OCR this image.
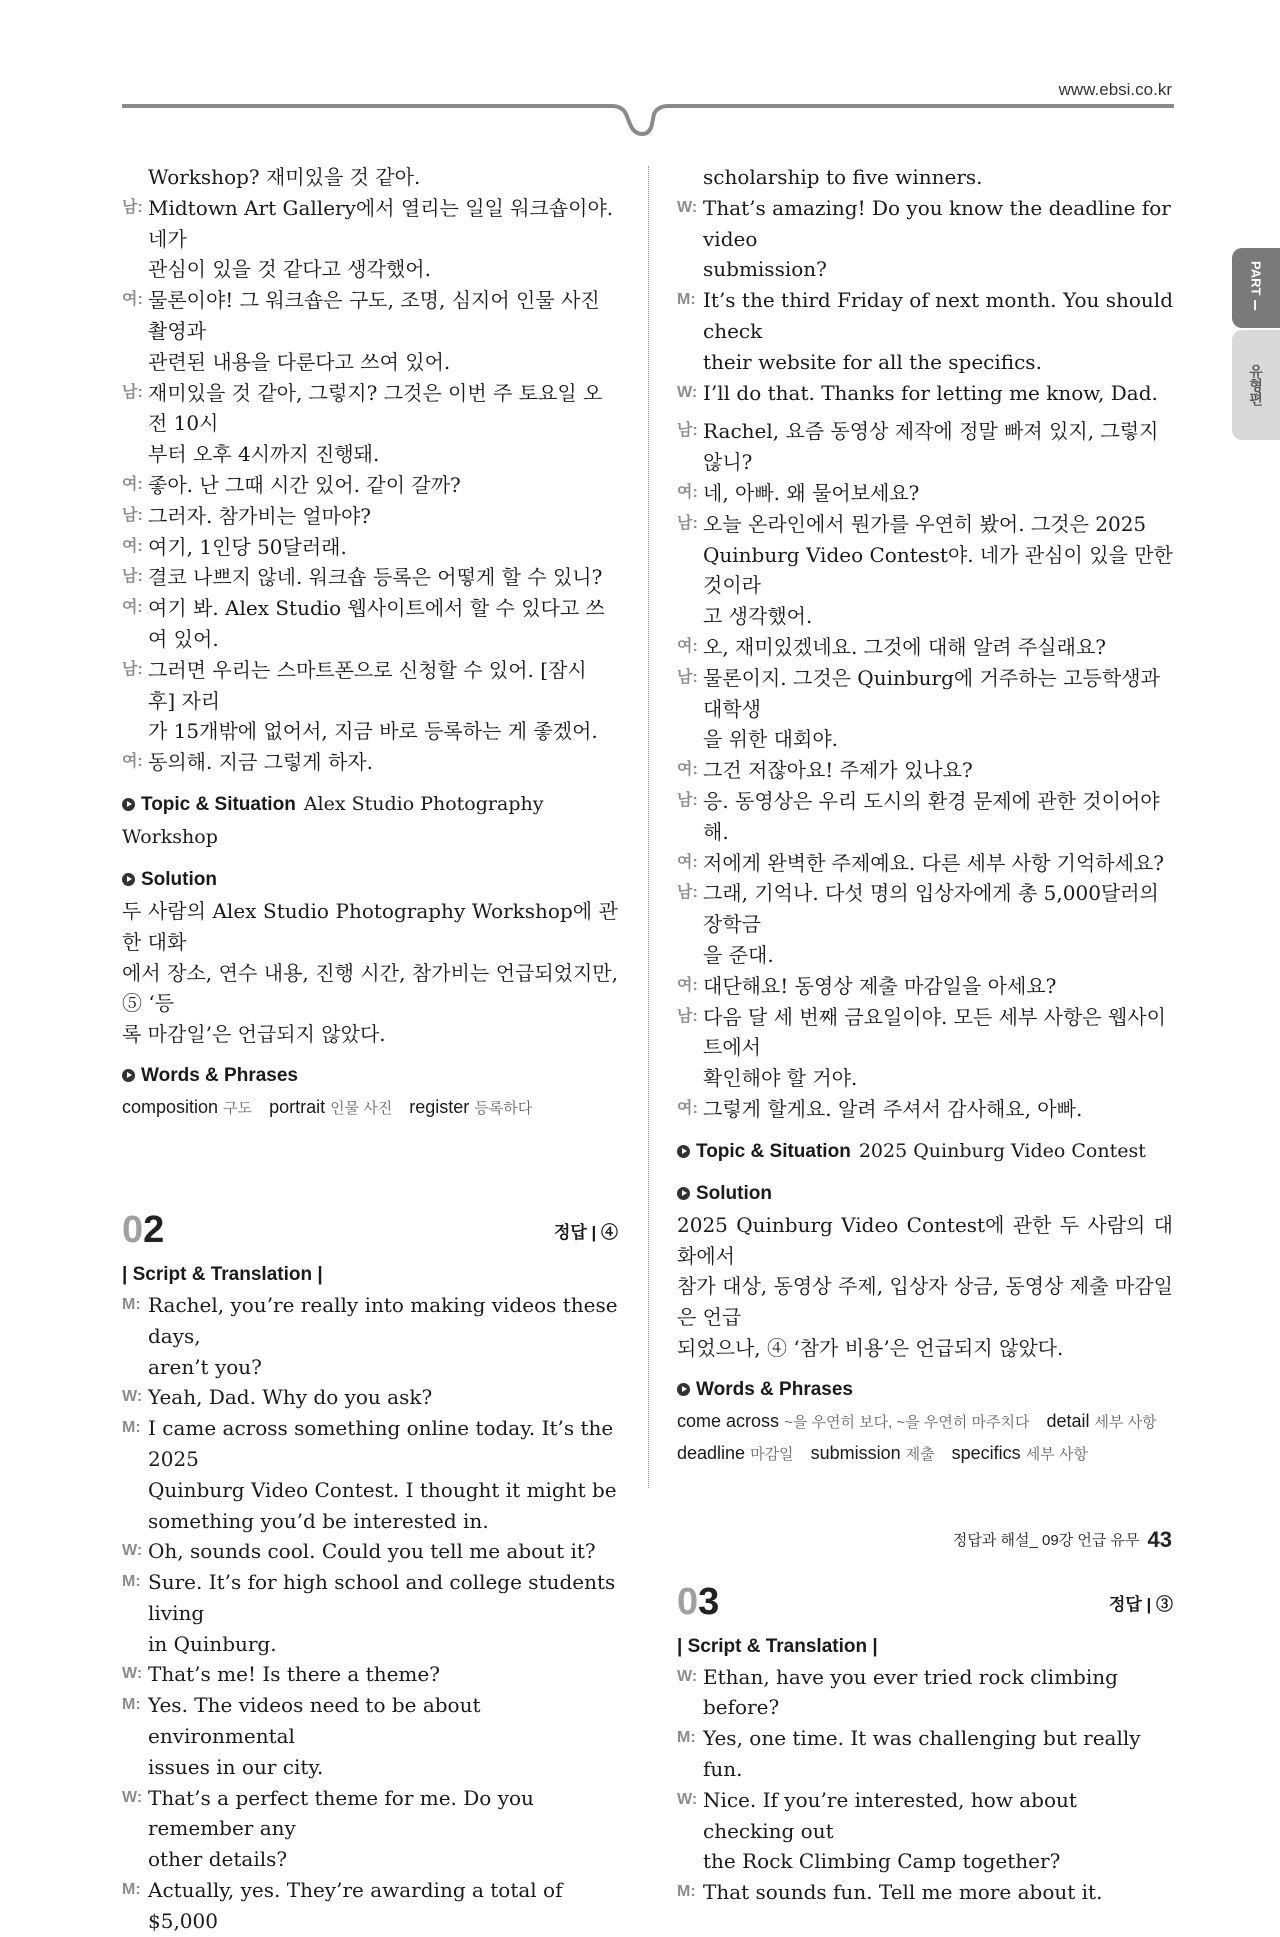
www.ebsi.co.kr
PART Ⅰ
유형편
Workshop? 재미있을 것 같아.
남: Midtown Art Gallery에서 열리는 일일 워크숍이야. 네가
관심이 있을 것 같다고 생각했어.
여: 물론이야! 그 워크숍은 구도, 조명, 심지어 인물 사진 촬영과
관련된 내용을 다룬다고 쓰여 있어.
남: 재미있을 것 같아, 그렇지? 그것은 이번 주 토요일 오전 10시
부터 오후 4시까지 진행돼.
여: 좋아. 난 그때 시간 있어. 같이 갈까?
남: 그러자. 참가비는 얼마야?
여: 여기, 1인당 50달러래.
남: 결코 나쁘지 않네. 워크숍 등록은 어떻게 할 수 있니?
여: 여기 봐. Alex Studio 웹사이트에서 할 수 있다고 쓰여 있어.
남: 그러면 우리는 스마트폰으로 신청할 수 있어. [잠시 후] 자리
가 15개밖에 없어서, 지금 바로 등록하는 게 좋겠어.
여: 동의해. 지금 그렇게 하자.
Topic & Situation Alex Studio Photography Workshop
Solution
두 사람의 Alex Studio Photography Workshop에 관한 대화
에서 장소, 연수 내용, 진행 시간, 참가비는 언급되었지만, ⑤ ‘등
록 마감일’은 언급되지 않았다.
Words & Phrases
composition 구도 portrait 인물 사진 register 등록하다
02	정답 | ④
| Script & Translation |
M: Rachel, you’re really into making videos these days,
aren’t you?
W: Yeah, Dad. Why do you ask?
M: I came across something online today. It’s the 2025
Quinburg Video Contest. I thought it might be
something you’d be interested in.
W: Oh, sounds cool. Could you tell me about it?
M: Sure. It’s for high school and college students living
in Quinburg.
W: That’s me! Is there a theme?
M: Yes. The videos need to be about environmental
issues in our city.
W: That’s a perfect theme for me. Do you remember any
other details?
M: Actually, yes. They’re awarding a total of $5,000
scholarship to five winners.
W: That’s amazing! Do you know the deadline for video
submission?
M: It’s the third Friday of next month. You should check
their website for all the specifics.
W: I’ll do that. Thanks for letting me know, Dad.
남: Rachel, 요즘 동영상 제작에 정말 빠져 있지, 그렇지 않니?
여: 네, 아빠. 왜 물어보세요?
남: 오늘 온라인에서 뭔가를 우연히 봤어. 그것은 2025
Quinburg Video Contest야. 네가 관심이 있을 만한 것이라
고 생각했어.
여: 오, 재미있겠네요. 그것에 대해 알려 주실래요?
남: 물론이지. 그것은 Quinburg에 거주하는 고등학생과 대학생
을 위한 대회야.
여: 그건 저잖아요! 주제가 있나요?
남: 응. 동영상은 우리 도시의 환경 문제에 관한 것이어야 해.
여: 저에게 완벽한 주제예요. 다른 세부 사항 기억하세요?
남: 그래, 기억나. 다섯 명의 입상자에게 총 5,000달러의 장학금
을 준대.
여: 대단해요! 동영상 제출 마감일을 아세요?
남: 다음 달 세 번째 금요일이야. 모든 세부 사항은 웹사이트에서
확인해야 할 거야.
여: 그렇게 할게요. 알려 주셔서 감사해요, 아빠.
Topic & Situation 2025 Quinburg Video Contest
Solution
2025 Quinburg Video Contest에 관한 두 사람의 대화에서
참가 대상, 동영상 주제, 입상자 상금, 동영상 제출 마감일은 언급
되었으나, ④ ‘참가 비용’은 언급되지 않았다.
Words & Phrases
come across ~을 우연히 보다, ~을 우연히 마주치다 detail 세부 사항
deadline 마감일 submission 제출 specifics 세부 사항
03	정답 | ③
| Script & Translation |
W: Ethan, have you ever tried rock climbing before?
M: Yes, one time. It was challenging but really fun.
W: Nice. If you’re interested, how about checking out
the Rock Climbing Camp together?
M: That sounds fun. Tell me more about it.
정답과 해설_ 09강 언급 유무 43
